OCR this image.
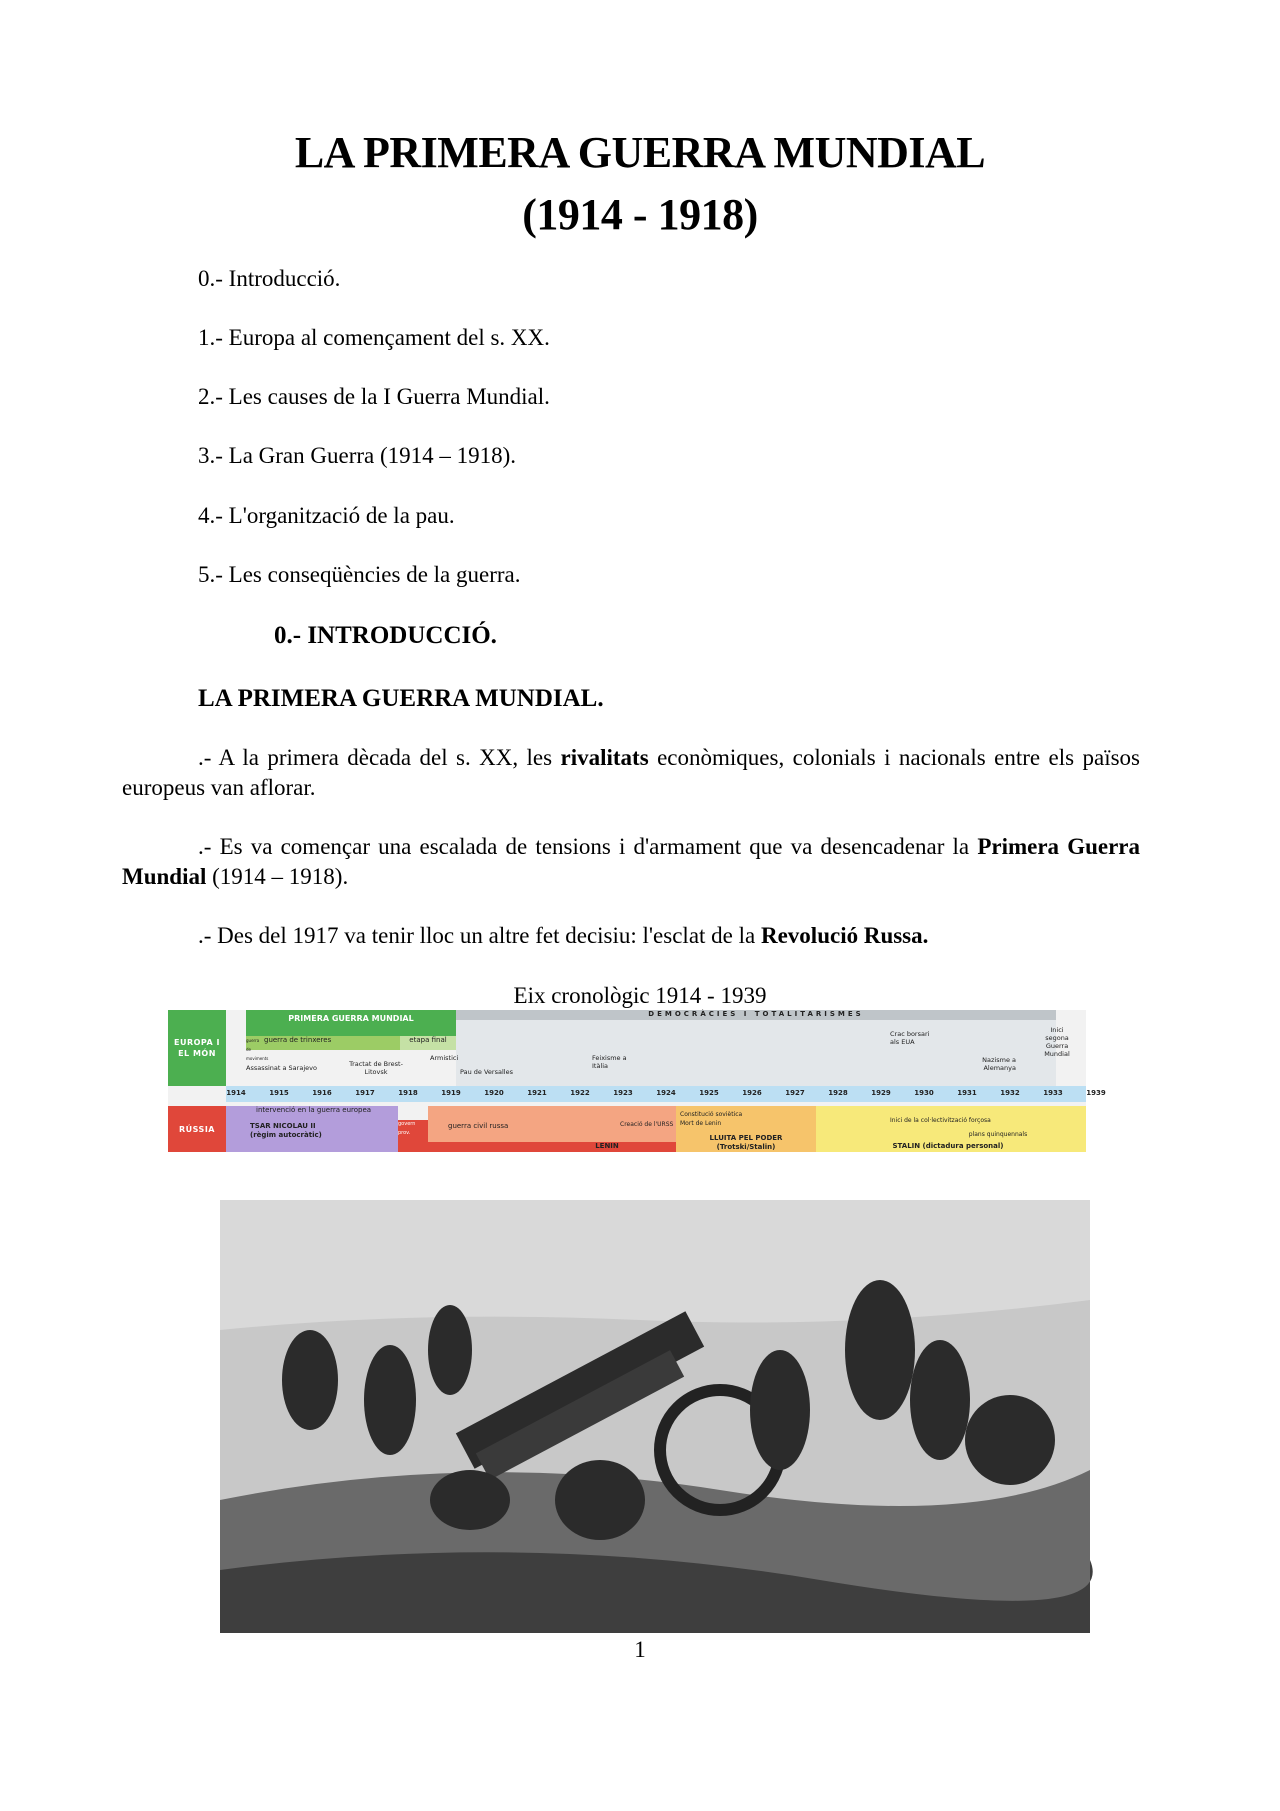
LA PRIMERA GUERRA MUNDIAL
(1914 - 1918)
0.- Introducció.
1.- Europa al començament del s. XX.
2.- Les causes de la I Guerra Mundial.
3.- La Gran Guerra (1914 – 1918).
4.- L'organització de la pau.
5.- Les conseqüències de la guerra.
0.- INTRODUCCIÓ.
LA PRIMERA GUERRA MUNDIAL.
.- A la primera dècada del s. XX, les rivalitats econòmiques, colonials i nacionals entre els països europeus van aflorar.
.- Es va començar una escalada de tensions i d'armament que va desencadenar la Primera Guerra Mundial (1914 – 1918).
.- Des del 1917 va tenir lloc un altre fet decisiu: l'esclat de la Revolució Russa.
Eix cronològic 1914 - 1939
EUROPA I EL MÓN
PRIMERA GUERRA MUNDIAL	DEMOCRÀCIES I TOTALITARISMES
guerra de moviments
guerra de trinxeres	etapa final
Assassinat a Sarajevo	Tractat de Brest-Litovsk
Armistici
Pau de Versalles
Feixisme a Itàlia
Crac borsari als EUA
Nazisme a Alemanya
Inici segona Guerra Mundial
1914	1915	1916	1917	1918	1919	1920	1921	1922	1923	1924	1925	1926	1927	1928	1929	1930	1931	1932	1933	1939
RÚSSIA
intervenció en la guerra europea
TSAR NICOLAU II
(règim autocràtic)
govern prov.
guerra civil russa
LENIN
Creació de l'URSS
Constitució soviètica
Mort de Lenin
LLUITA PEL PODER
(Trotski/Stalin)
Inici de la col·lectivització forçosa
plans quinquennals
STALIN (dictadura personal)
1
